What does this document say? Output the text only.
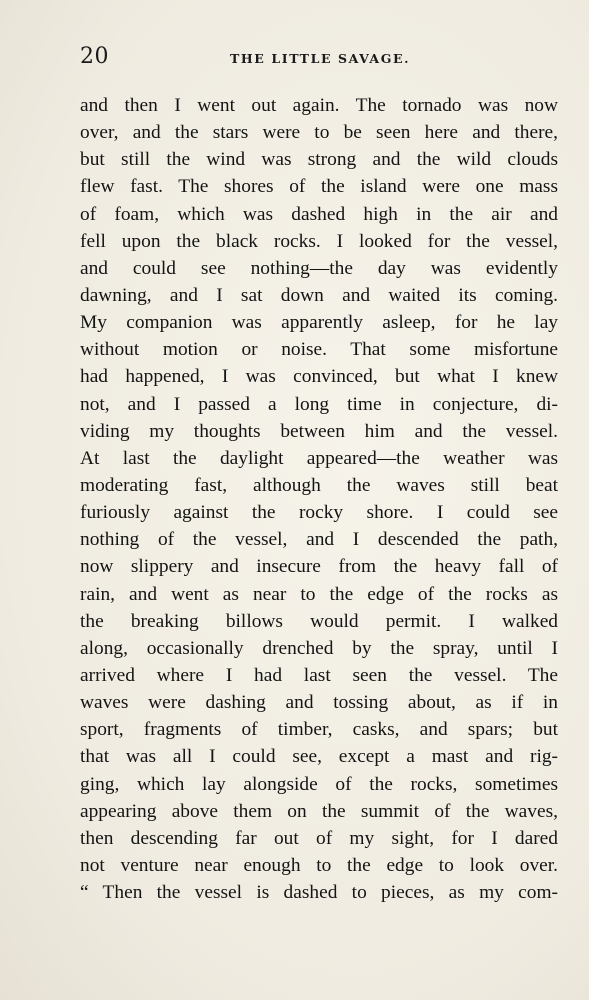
20	THE LITTLE SAVAGE.
and then I went out again. The tornado was now
over, and the stars were to be seen here and there,
but still the wind was strong and the wild clouds
flew fast. The shores of the island were one mass
of foam, which was dashed high in the air and
fell upon the black rocks. I looked for the vessel,
and could see nothing—the day was evidently
dawning, and I sat down and waited its coming.
My companion was apparently asleep, for he lay
without motion or noise. That some misfortune
had happened, I was convinced, but what I knew
not, and I passed a long time in conjecture, di-
viding my thoughts between him and the vessel.
At last the daylight appeared—the weather was
moderating fast, although the waves still beat
furiously against the rocky shore. I could see
nothing of the vessel, and I descended the path,
now slippery and insecure from the heavy fall of
rain, and went as near to the edge of the rocks as
the breaking billows would permit. I walked
along, occasionally drenched by the spray, until I
arrived where I had last seen the vessel. The
waves were dashing and tossing about, as if in
sport, fragments of timber, casks, and spars; but
that was all I could see, except a mast and rig-
ging, which lay alongside of the rocks, sometimes
appearing above them on the summit of the waves,
then descending far out of my sight, for I dared
not venture near enough to the edge to look over.
“ Then the vessel is dashed to pieces, as my com-
